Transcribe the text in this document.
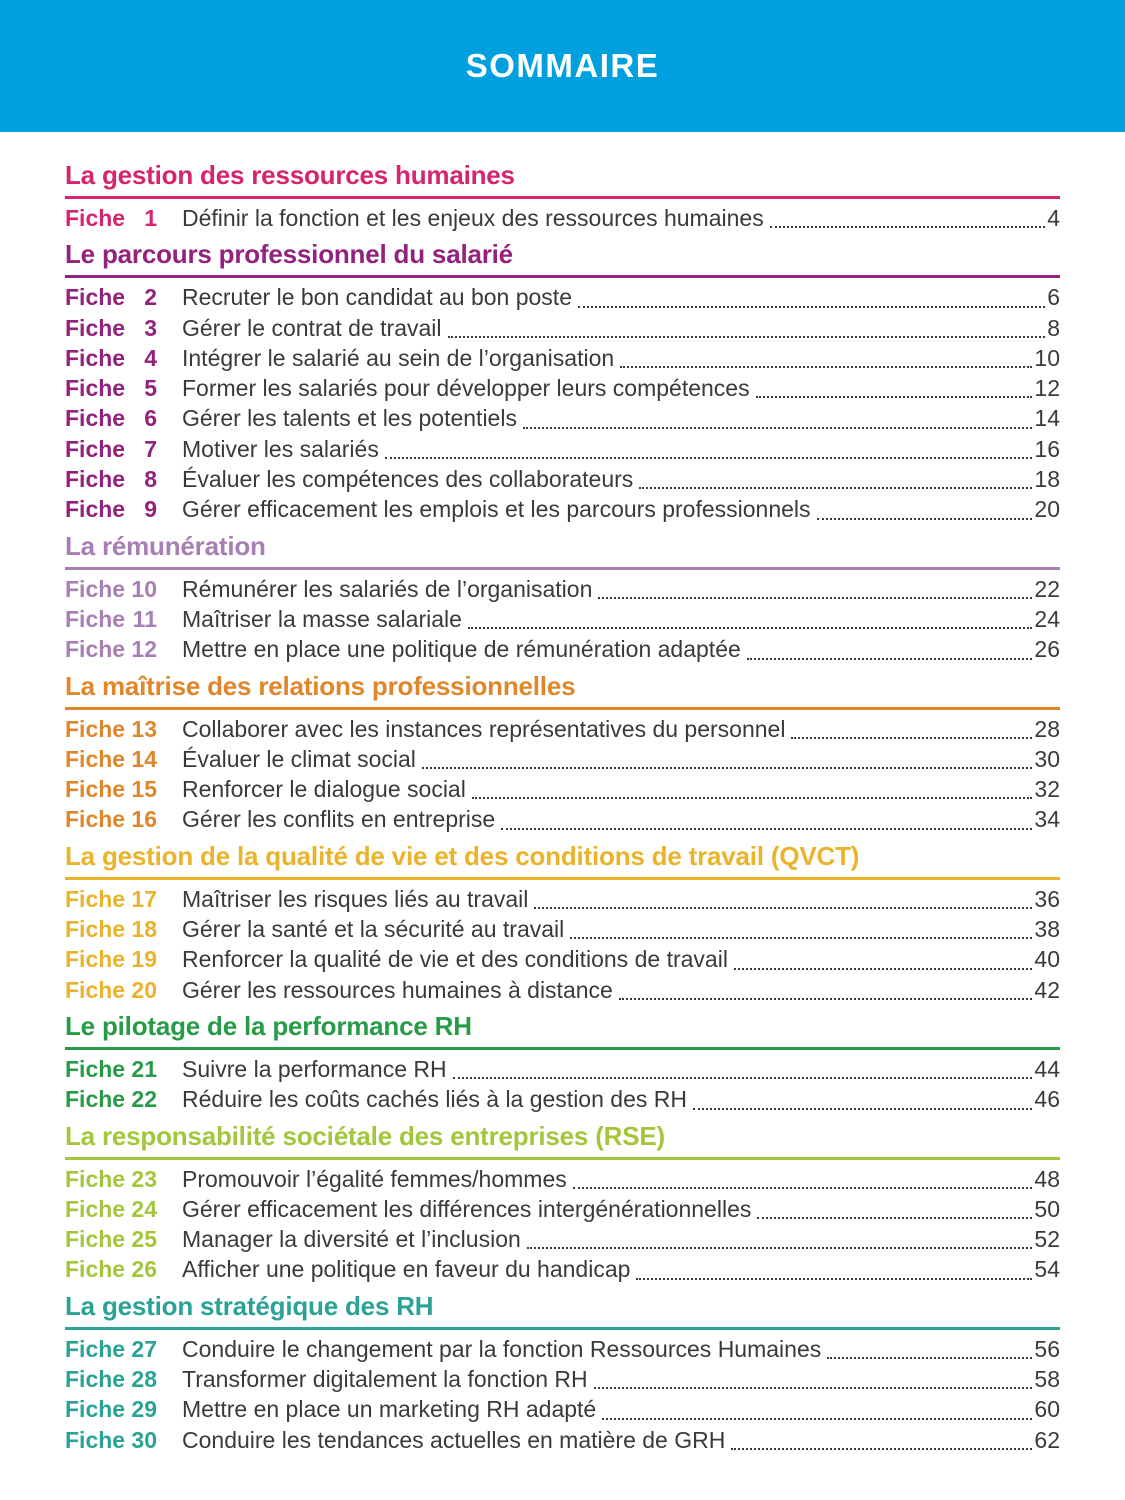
SOMMAIRE
La gestion des ressources humaines
Fiche 1 Définir la fonction et les enjeux des ressources humaines	4
Le parcours professionnel du salarié
Fiche 2 Recruter le bon candidat au bon poste	6
Fiche 3 Gérer le contrat de travail	8
Fiche 4 Intégrer le salarié au sein de l’organisation	10
Fiche 5 Former les salariés pour développer leurs compétences	12
Fiche 6 Gérer les talents et les potentiels	14
Fiche 7 Motiver les salariés	16
Fiche 8 Évaluer les compétences des collaborateurs	18
Fiche 9 Gérer efficacement les emplois et les parcours professionnels	20
La rémunération
Fiche 10 Rémunérer les salariés de l’organisation	22
Fiche 11 Maîtriser la masse salariale	24
Fiche 12 Mettre en place une politique de rémunération adaptée	26
La maîtrise des relations professionnelles
Fiche 13 Collaborer avec les instances représentatives du personnel	28
Fiche 14 Évaluer le climat social	30
Fiche 15 Renforcer le dialogue social	32
Fiche 16 Gérer les conflits en entreprise	34
La gestion de la qualité de vie et des conditions de travail (QVCT)
Fiche 17 Maîtriser les risques liés au travail	36
Fiche 18 Gérer la santé et la sécurité au travail	38
Fiche 19 Renforcer la qualité de vie et des conditions de travail	40
Fiche 20 Gérer les ressources humaines à distance	42
Le pilotage de la performance RH
Fiche 21 Suivre la performance RH	44
Fiche 22 Réduire les coûts cachés liés à la gestion des RH	46
La responsabilité sociétale des entreprises (RSE)
Fiche 23 Promouvoir l’égalité femmes/hommes	48
Fiche 24 Gérer efficacement les différences intergénérationnelles	50
Fiche 25 Manager la diversité et l’inclusion	52
Fiche 26 Afficher une politique en faveur du handicap	54
La gestion stratégique des RH
Fiche 27 Conduire le changement par la fonction Ressources Humaines	56
Fiche 28 Transformer digitalement la fonction RH	58
Fiche 29 Mettre en place un marketing RH adapté	60
Fiche 30 Conduire les tendances actuelles en matière de GRH	62
